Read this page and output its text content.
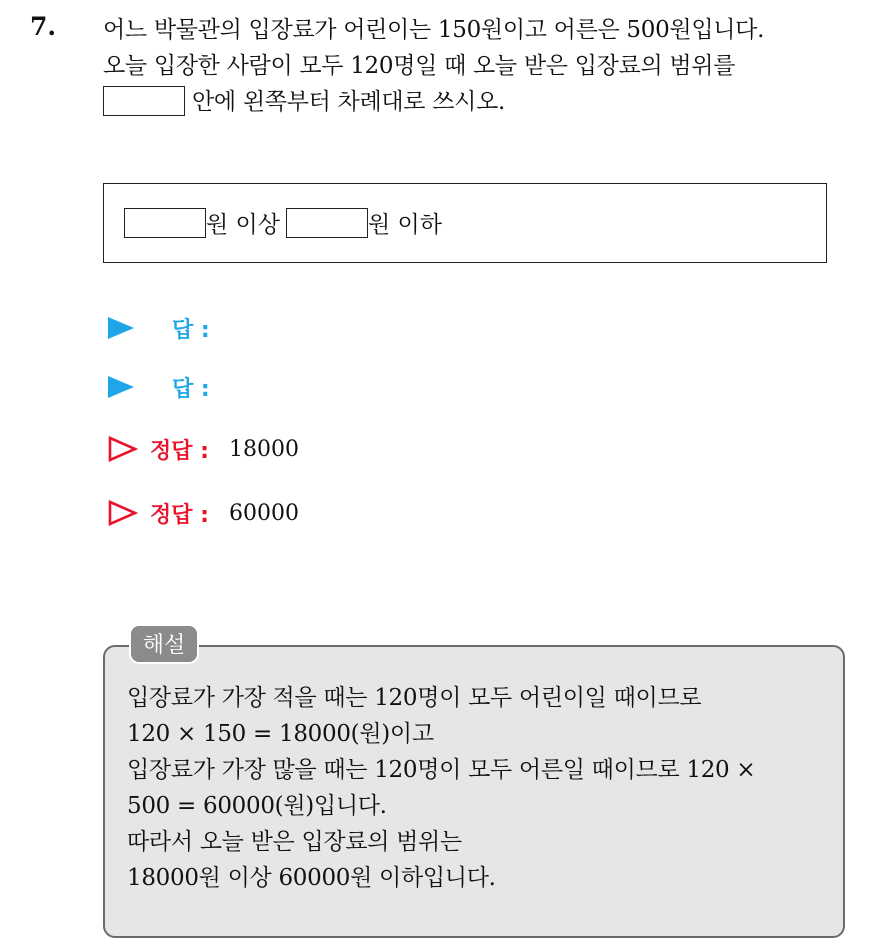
7. 어느 박물관의 입장료가 어린이는 150원이고 어른은 500원입니다.
오늘 입장한 사람이 모두 120명일 때 오늘 받은 입장료의 범위를
안에 왼쪽부터 차례대로 쓰시오.
원 이상	원 이하
답 :
답 :
정답 : 18000
정답 : 60000
해설
입장료가 가장 적을 때는 120명이 모두 어린이일 때이므로
120 × 150 = 18000(원)이고
입장료가 가장 많을 때는 120명이 모두 어른일 때이므로 120 ×
500 = 60000(원)입니다.
따라서 오늘 받은 입장료의 범위는
18000원 이상 60000원 이하입니다.
